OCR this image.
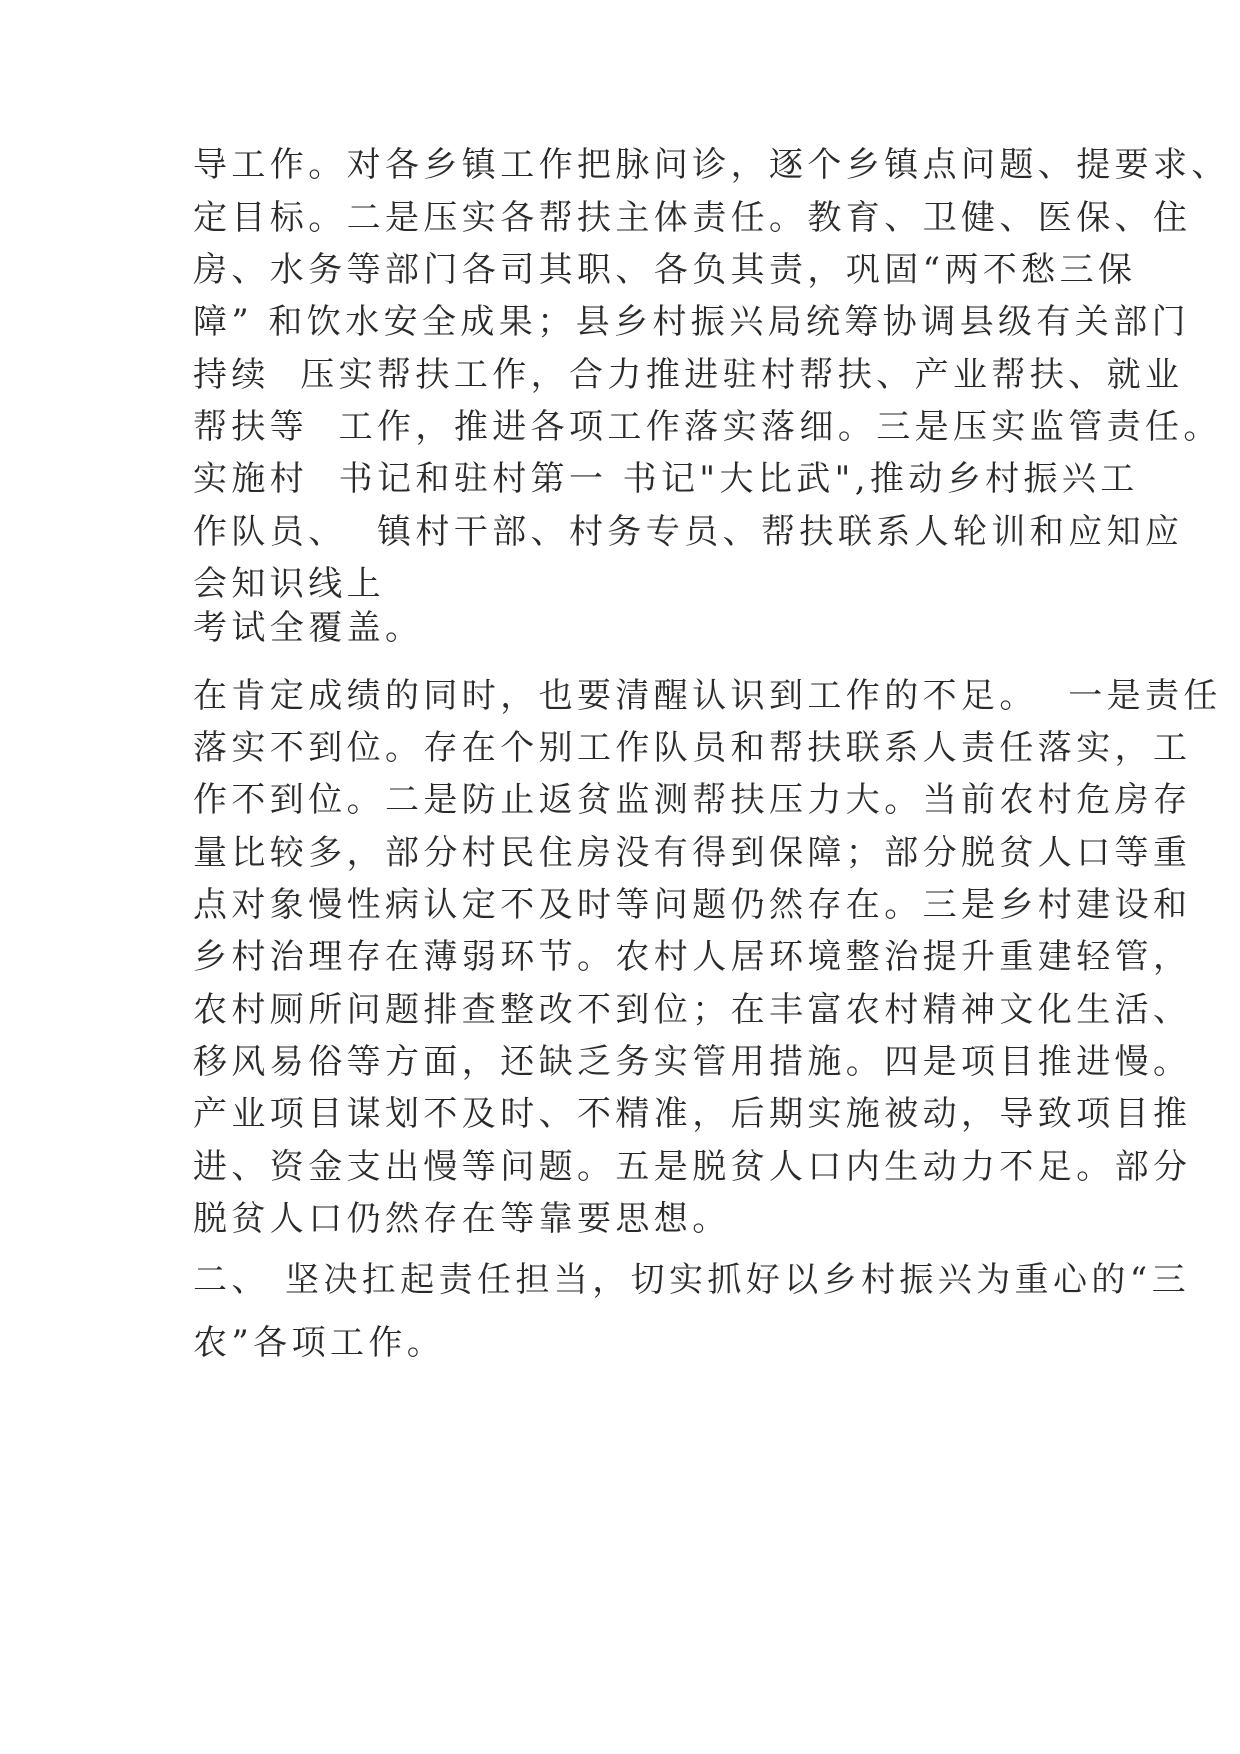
导工作。对各乡镇工作把脉问诊，逐个乡镇点问题、提要求、
定目标。二是压实各帮扶主体责任。教育、卫健、医保、住
房、水务等部门各司其职、各负其责，巩固“两不愁三保
障” 和饮水安全成果；县乡村振兴局统筹协调县级有关部门
持续  压实帮扶工作，合力推进驻村帮扶、产业帮扶、就业
帮扶等  工作，推进各项工作落实落细。三是压实监管责任。
实施村  书记和驻村第一 书记"大比武",推动乡村振兴工
作队员、  镇村干部、村务专员、帮扶联系人轮训和应知应
会知识线上
考试全覆盖。
在肯定成绩的同时，也要清醒认识到工作的不足。  一是责任
落实不到位。存在个别工作队员和帮扶联系人责任落实，工
作不到位。二是防止返贫监测帮扶压力大。当前农村危房存
量比较多，部分村民住房没有得到保障；部分脱贫人口等重
点对象慢性病认定不及时等问题仍然存在。三是乡村建设和
乡村治理存在薄弱环节。农村人居环境整治提升重建轻管，
农村厕所问题排查整改不到位；在丰富农村精神文化生活、
移风易俗等方面，还缺乏务实管用措施。四是项目推进慢。
产业项目谋划不及时、不精准，后期实施被动，导致项目推
进、资金支出慢等问题。五是脱贫人口内生动力不足。部分
脱贫人口仍然存在等靠要思想。
二、 坚决扛起责任担当，切实抓好以乡村振兴为重心的“三
农”各项工作。
